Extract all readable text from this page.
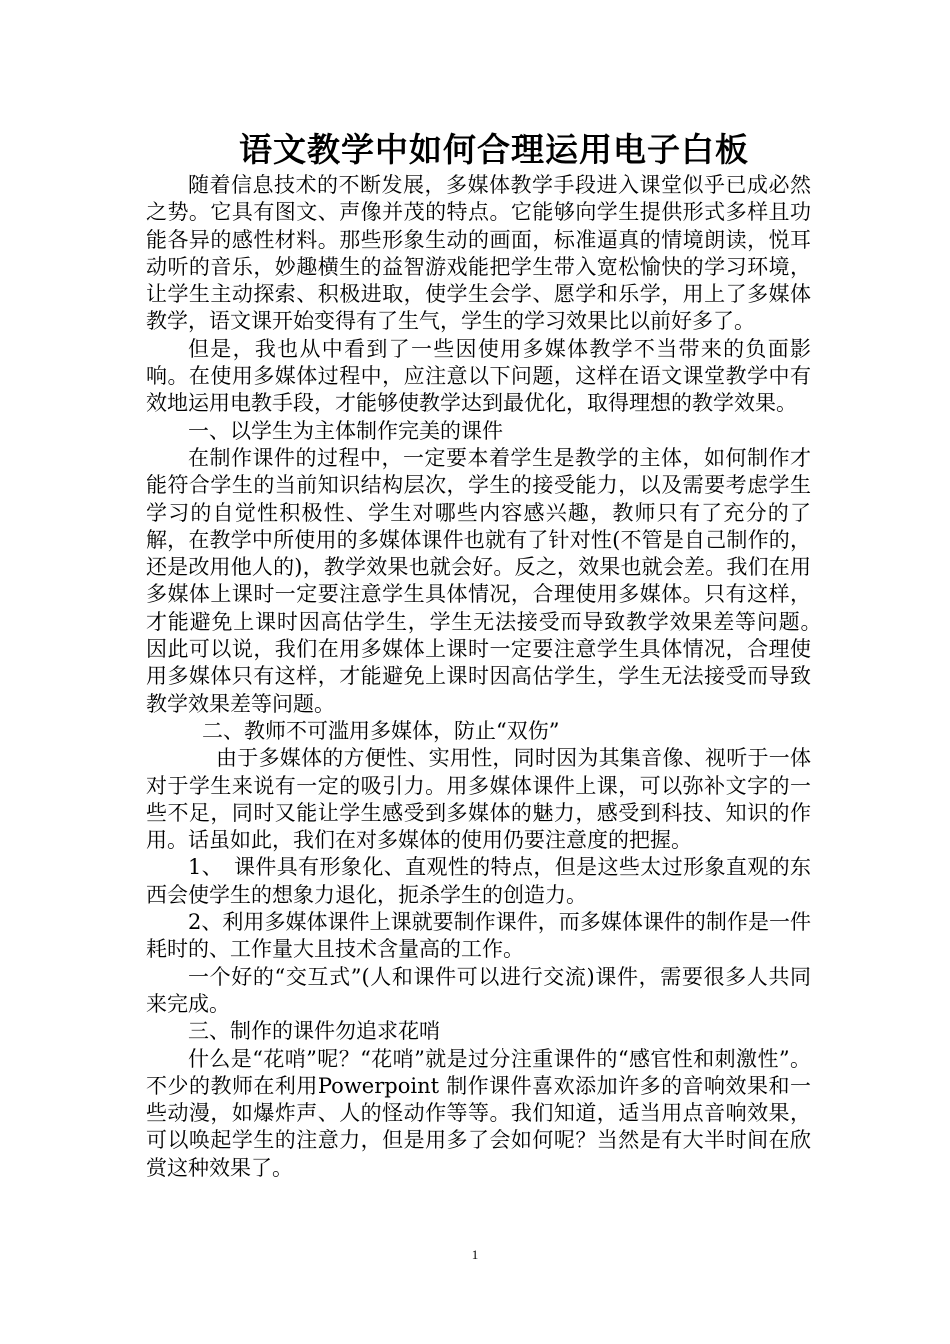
语文教学中如何合理运用电子白板

随着信息技术的不断发展，多媒体教学手段进入课堂似乎已成必然之势。它具有图文、声像并茂的特点。它能够向学生提供形式多样且功能各异的感性材料。那些形象生动的画面，标准逼真的情境朗读，悦耳动听的音乐，妙趣横生的益智游戏能把学生带入宽松愉快的学习环境，让学生主动探索、积极进取，使学生会学、愿学和乐学，用上了多媒体教学，语文课开始变得有了生气，学生的学习效果比以前好多了。

但是，我也从中看到了一些因使用多媒体教学不当带来的负面影响。在使用多媒体过程中，应注意以下问题，这样在语文课堂教学中有效地运用电教手段，才能够使教学达到最优化，取得理想的教学效果。

一、以学生为主体制作完美的课件

在制作课件的过程中，一定要本着学生是教学的主体，如何制作才能符合学生的当前知识结构层次，学生的接受能力，以及需要考虑学生学习的自觉性积极性、学生对哪些内容感兴趣，教师只有了充分的了解，在教学中所使用的多媒体课件也就有了针对性(不管是自己制作的，还是改用他人的)，教学效果也就会好。反之，效果也就会差。我们在用多媒体上课时一定要注意学生具体情况，合理使用多媒体。只有这样，才能避免上课时因高估学生，学生无法接受而导致教学效果差等问题。　因此可以说，我们在用多媒体上课时一定要注意学生具体情况，合理使用多媒体只有这样，才能避免上课时因高估学生，学生无法接受而导致教学效果差等问题。

二、教师不可滥用多媒体，防止“双伤”

由于多媒体的方便性、实用性，同时因为其集音像、视听于一体对于学生来说有一定的吸引力。用多媒体课件上课，可以弥补文字的一些不足，同时又能让学生感受到多媒体的魅力，感受到科技、知识的作用。话虽如此，我们在对多媒体的使用仍要注意度的把握。

1、　课件具有形象化、直观性的特点，但是这些太过形象直观的东西会使学生的想象力退化，扼杀学生的创造力。

2、利用多媒体课件上课就要制作课件，而多媒体课件的制作是一件耗时的、工作量大且技术含量高的工作。

一个好的“交互式”(人和课件可以进行交流)课件，需要很多人共同来完成。

三、制作的课件勿追求花哨

什么是“花哨”呢？“花哨”就是过分注重课件的“感官性和刺激性”。不少的教师在利用Powerpoint 制作课件喜欢添加许多的音响效果和一些动漫，如爆炸声、人的怪动作等等。我们知道，适当用点音响效果，可以唤起学生的注意力，但是用多了会如何呢？当然是有大半时间在欣赏这种效果了。

1
